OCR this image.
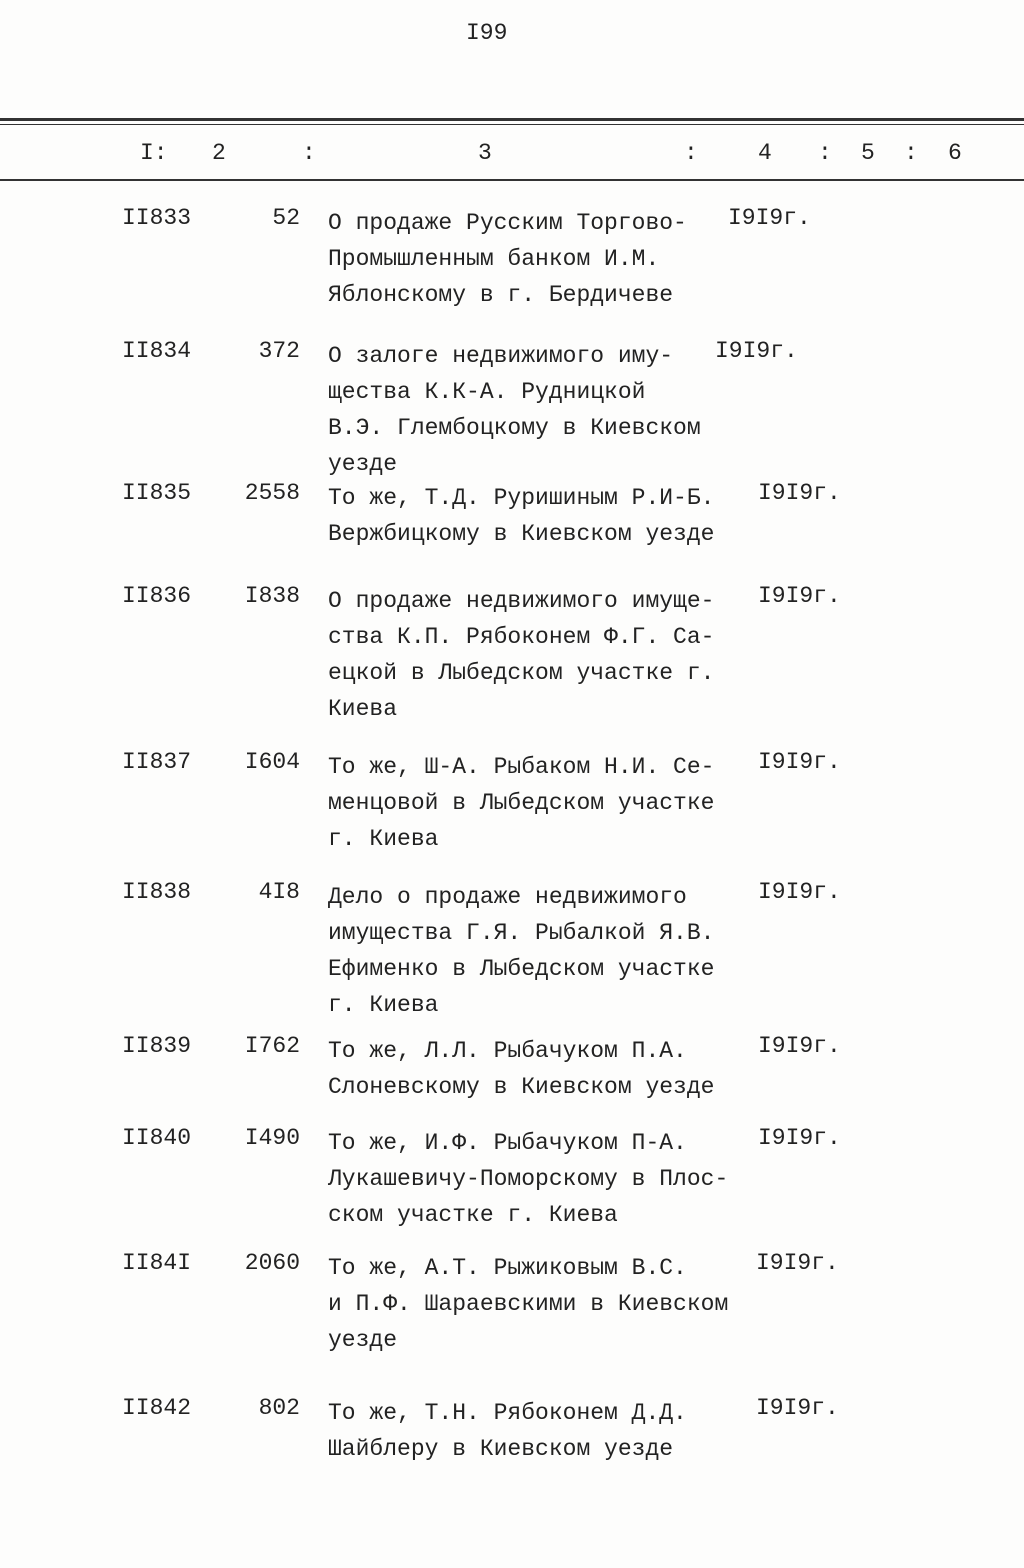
I99
I: 2	:	3	:	4 : 5 : 6
II833	52 О продаже Русским Торгово-
Промышленным банком И.М.
Яблонскому в г. Бердичеве
I9I9г.
II834	372 О залоге недвижимого иму-
щества К.К-А. Рудницкой
В.Э. Глембоцкому в Киевском
уезде
I9I9г.
II835 2558 То же, Т.Д. Руришиным Р.И-Б.
Вержбицкому в Киевском уезде
I9I9г.
II836 I838 О продаже недвижимого имуще-
ства К.П. Рябоконем Ф.Г. Са-
ецкой в Лыбедском участке г.
Киева
I9I9г.
II837 I604 То же, Ш-А. Рыбаком Н.И. Се-
менцовой в Лыбедском участке
г. Киева
I9I9г.
II838	4I8 Дело о продаже недвижимого
имущества Г.Я. Рыбалкой Я.В.
Ефименко в Лыбедском участке
г. Киева
I9I9г.
II839 I762 То же, Л.Л. Рыбачуком П.А.
Слоневскому в Киевском уезде
I9I9г.
II840 I490 То же, И.Ф. Рыбачуком П-А.
Лукашевичу-Поморскому в Плос-
ском участке г. Киева
I9I9г.
II84I 2060 То же, А.Т. Рыжиковым В.С.
и П.Ф. Шараевскими в Киевском
уезде
I9I9г.
II842	802 То же, Т.Н. Рябоконем Д.Д.
Шайблеру в Киевском уезде
I9I9г.
